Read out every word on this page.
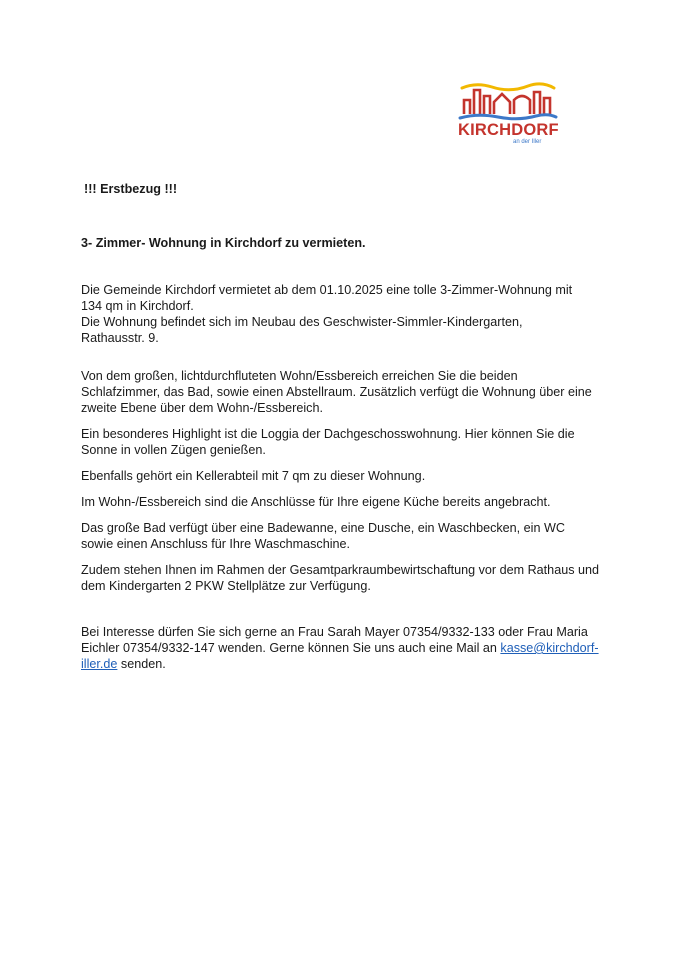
KIRCHDORF
an der Iller

!!! Erstbezug !!!

3- Zimmer- Wohnung in Kirchdorf zu vermieten.

Die Gemeinde Kirchdorf vermietet ab dem 01.10.2025 eine tolle 3-Zimmer-Wohnung mit
134 qm in Kirchdorf.
Die Wohnung befindet sich im Neubau des Geschwister-Simmler-Kindergarten,
Rathausstr. 9.

Von dem großen, lichtdurchfluteten Wohn/Essbereich erreichen Sie die beiden
Schlafzimmer, das Bad, sowie einen Abstellraum. Zusätzlich verfügt die Wohnung über eine
zweite Ebene über dem Wohn-/Essbereich.

Ein besonderes Highlight ist die Loggia der Dachgeschosswohnung. Hier können Sie die
Sonne in vollen Zügen genießen.

Ebenfalls gehört ein Kellerabteil mit 7 qm zu dieser Wohnung.

Im Wohn-/Essbereich sind die Anschlüsse für Ihre eigene Küche bereits angebracht.

Das große Bad verfügt über eine Badewanne, eine Dusche, ein Waschbecken, ein WC
sowie einen Anschluss für Ihre Waschmaschine.

Zudem stehen Ihnen im Rahmen der Gesamtparkraumbewirtschaftung vor dem Rathaus und
dem Kindergarten 2 PKW Stellplätze zur Verfügung.

Bei Interesse dürfen Sie sich gerne an Frau Sarah Mayer 07354/9332-133 oder Frau Maria
Eichler 07354/9332-147 wenden. Gerne können Sie uns auch eine Mail an kasse@kirchdorf-
iller.de senden.
